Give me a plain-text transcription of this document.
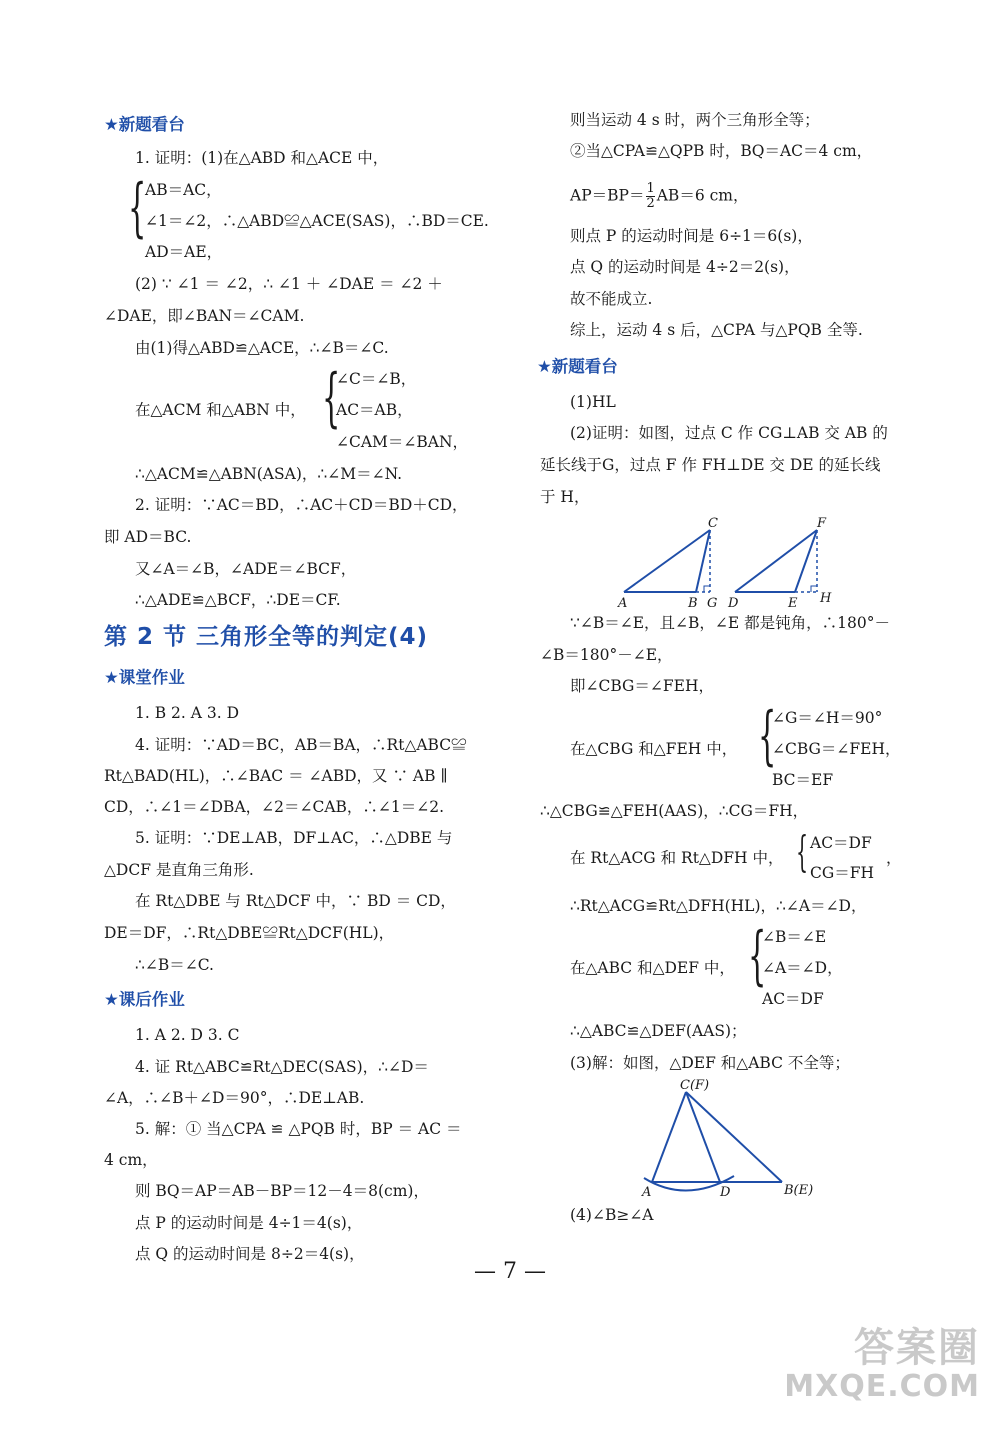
★新题看台
1. 证明：(1)在△ABD 和△ACE 中，
{
AB＝AC，
∠1＝∠2，∴△ABD≌△ACE(SAS)，∴BD＝CE.
AD＝AE，
(2) ∵ ∠1 ＝ ∠2，∴ ∠1 ＋ ∠DAE ＝ ∠2 ＋
∠DAE，即∠BAN＝∠CAM.
由(1)得△ABD≌△ACE，∴∠B＝∠C.
在△ACM 和△ABN 中， {
∠C＝∠B，
AC＝AB，
∠CAM＝∠BAN，
∴△ACM≌△ABN(ASA)，∴∠M＝∠N.
2. 证明：∵AC＝BD，∴AC＋CD＝BD＋CD，
即 AD＝BC.
又∠A＝∠B，∠ADE＝∠BCF，
∴△ADE≌△BCF，∴DE＝CF.
第 2 节 三角形全等的判定(4)
★课堂作业
1. B 2. A 3. D
4. 证明：∵AD＝BC，AB＝BA，∴Rt△ABC≌
Rt△BAD(HL)，∴∠BAC ＝ ∠ABD，又 ∵ AB ∥
CD，∴∠1＝∠DBA，∠2＝∠CAB，∴∠1＝∠2.
5. 证明：∵DE⊥AB，DF⊥AC，∴△DBE 与
△DCF 是直角三角形.
在 Rt△DBE 与 Rt△DCF 中，∵ BD ＝ CD，
DE＝DF，∴Rt△DBE≌Rt△DCF(HL)，
∴∠B＝∠C.
★课后作业
1. A 2. D 3. C
4. 证 Rt△ABC≌Rt△DEC(SAS)，∴∠D＝
∠A，∴∠B＋∠D＝90°，∴DE⊥AB.
5. 解：① 当△CPA ≌ △PQB 时，BP ＝ AC ＝
4 cm，
则 BQ＝AP＝AB－BP＝12－4＝8(cm)，
点 P 的运动时间是 4÷1＝4(s)，
点 Q 的运动时间是 8÷2＝4(s)，
则当运动 4 s 时，两个三角形全等；
②当△CPA≌△QPB 时，BQ＝AC＝4 cm，
$AP=BP= \frac{1}{2} AB=6$ cm，
则点 P 的运动时间是 6÷1＝6(s)，
点 Q 的运动时间是 4÷2＝2(s)，
故不能成立.
综上，运动 4 s 后，△CPA 与△PQB 全等.
★新题看台
(1)HL
(2)证明：如图，过点 C 作 CG⊥AB 交 AB 的
延长线于G，过点 F 作 FH⊥DE 交 DE 的延长线
于 H，
A	B G
C
D	E H
F
∵∠B＝∠E，且∠B，∠E 都是钝角，∴180°－
∠B＝180°－∠E，
即∠CBG＝∠FEH，
在△CBG 和△FEH 中， {
∠G＝∠H＝90°
∠CBG＝∠FEH，
BC＝EF
∴△CBG≌△FEH(AAS)，∴CG＝FH，
在 Rt△ACG 和 Rt△DFH 中， { AC＝DF
CG＝FH
，
∴Rt△ACG≌Rt△DFH(HL)，∴∠A＝∠D，
在△ABC 和△DEF 中， {
∠B＝∠E
∠A＝∠D，
AC＝DF
∴△ABC≌△DEF(AAS)；
(3)解：如图，△DEF 和△ABC 不全等；
C(F)
A	D	B(E)
(4)∠B≥∠A
— 7 —
答案圈
MXQE.COM
